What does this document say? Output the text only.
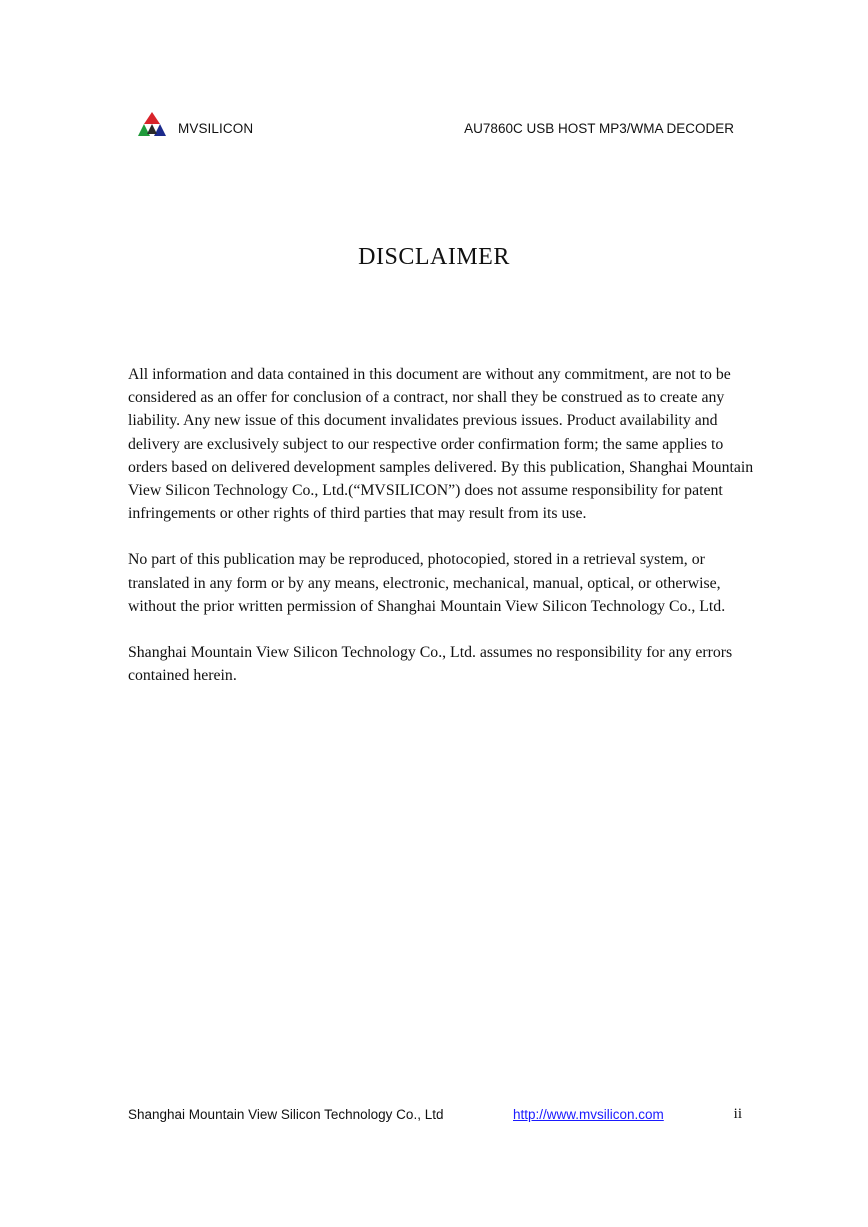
MVSILICON	AU7860C USB HOST MP3/WMA DECODER
DISCLAIMER

All information and data contained in this document are without any commitment, are not to be considered as an offer for conclusion of a contract, nor shall they be construed as to create any liability. Any new issue of this document invalidates previous issues. Product availability and delivery are exclusively subject to our respective order confirmation form; the same applies to orders based on delivered development samples delivered. By this publication, Shanghai Mountain View Silicon Technology Co., Ltd.(“MVSILICON”) does not assume responsibility for patent infringements or other rights of third parties that may result from its use.

No part of this publication may be reproduced, photocopied, stored in a retrieval system, or translated in any form or by any means, electronic, mechanical, manual, optical, or otherwise, without the prior written permission of Shanghai Mountain View Silicon Technology Co., Ltd.

Shanghai Mountain View Silicon Technology Co., Ltd. assumes no responsibility for any errors contained herein.

Shanghai Mountain View Silicon Technology Co., Ltd	http://www.mvsilicon.com	ii
